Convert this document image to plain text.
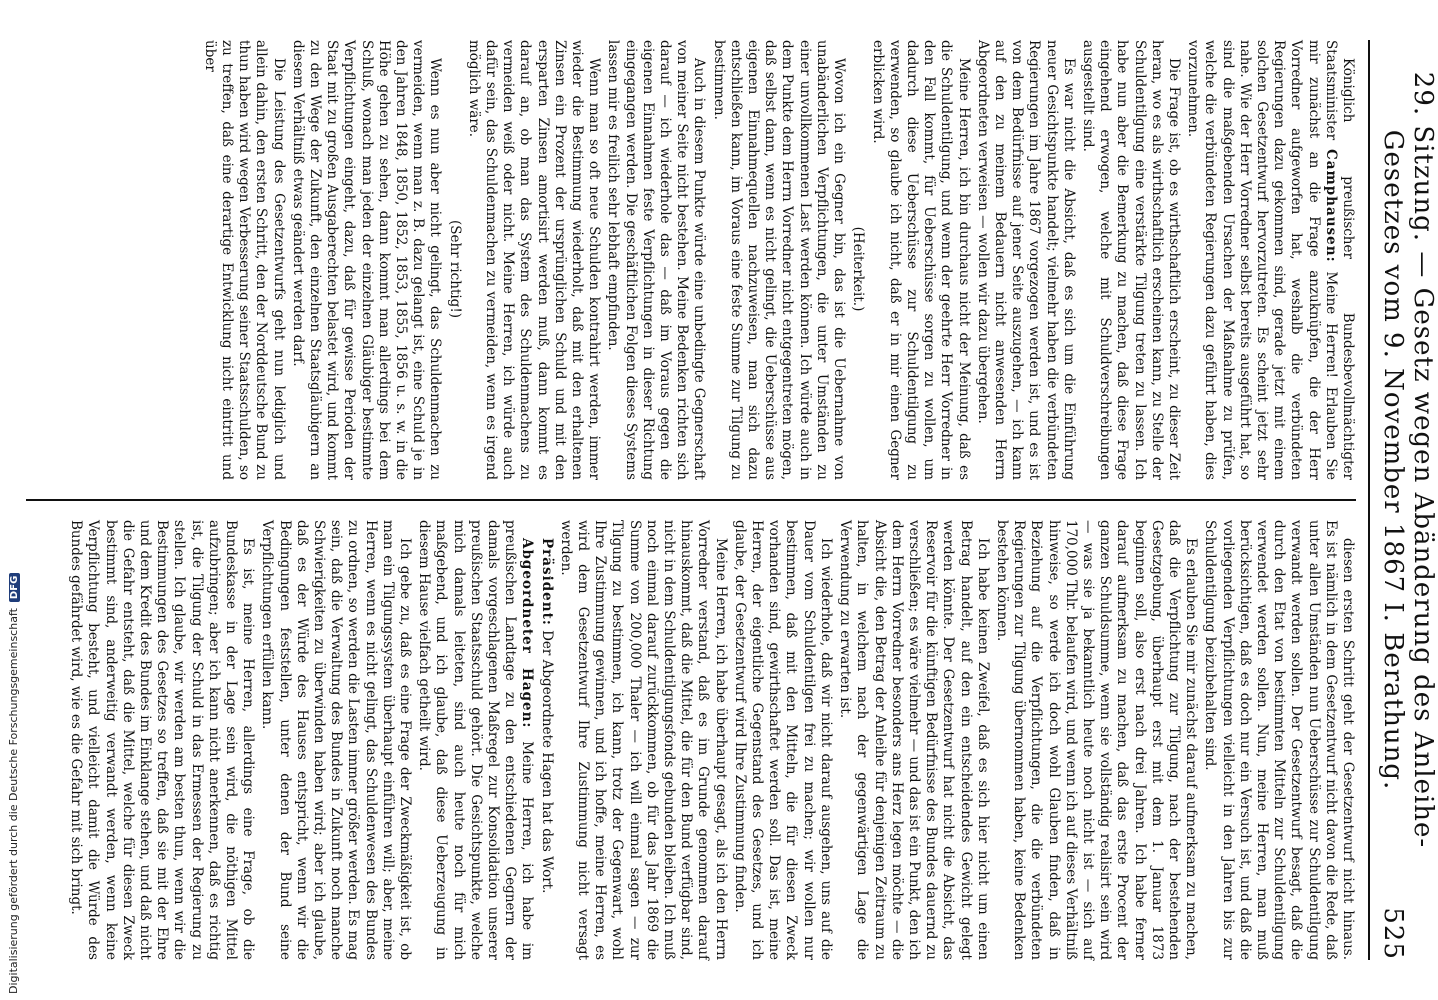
29. Sitzung. — Gesetz wegen Abänderung des Anleihe-Gesetzes vom 9. November 1867 I. Berathung.
525

Königlich preußischer Bundesbevollmächtigter Staatsminister Camphausen: Meine Herren! Erlauben Sie mir zunächst an die Frage anzuknüpfen, die der Herr Vorredner aufgeworfen hat, weshalb die verbündeten Regierungen dazu gekommen sind, gerade jetzt mit einem solchen Gesetzentwurf hervorzutreten. Es scheint jetzt sehr nahe. Wie der Herr Vorredner selbst bereits ausgeführt hat, so sind die maßgebenden Ursachen der Maßnahme zu prüfen, welche die verbündeten Regierungen dazu geführt haben, dies vorzunehmen.

Die Frage ist, ob es wirthschaftlich erscheint, zu dieser Zeit heran, wo es als wirthschaftlich erscheinen kann, zu Stelle der Schuldentilgung eine verstärkte Tilgung treten zu lassen. Ich habe nun aber die Bemerkung zu machen, daß diese Frage eingehend erwogen, welche mit Schuldverschreibungen ausgestellt sind.

Es war nicht die Absicht, daß es sich um die Einführung neuer Gesichtspunkte handelt; vielmehr haben die verbündeten Regierungen im Jahre 1867 vorgezogen werden ist, und es ist von dem Bedürfnisse auf jener Seite auszugehen, — ich kann auf den zu meinem Bedauern nicht anwesenden Herrn Abgeordneten verweisen — wollen wir dazu übergehen.

Meine Herren, ich bin durchaus nicht der Meinung, daß es die Schuldentilgung, und wenn der geehrte Herr Vorredner in den Fall kommt, für Ueberschüsse sorgen zu wollen, um dadurch diese Ueberschüsse zur Schuldentilgung zu verwenden, so glaube ich nicht, daß er in mir einen Gegner erblicken wird.

(Heiterkeit.)

Wovon ich ein Gegner bin, das ist die Uebernahme von unabänderlichen Verpflichtungen, die unter Umständen zu einer unvollkommenen Last werden können. Ich würde auch in dem Punkte dem Herrn Vorredner nicht entgegentreten mögen, daß selbst dann, wenn es nicht gelingt, die Ueberschüsse aus eigenen Einnahmequellen nachzuweisen, man sich dazu entschließen kann, im Voraus eine feste Summe zur Tilgung zu bestimmen.

Auch in diesem Punkte würde eine unbedingte Gegnerschaft von meiner Seite nicht bestehen. Meine Bedenken richten sich darauf — ich wiederhole das — daß im Voraus gegen die eigenen Einnahmen feste Verpflichtungen in dieser Richtung eingegangen werden. Die geschäftlichen Folgen dieses Systems lassen mir es freilich sehr lebhaft empfinden.

Wenn man so oft neue Schulden kontrahirt werden, immer wieder die Bestimmung wiederholt, daß mit den erhaltenen Zinsen ein Prozent der ursprünglichen Schuld und mit den ersparten Zinsen amortisirt werden muß, dann kommt es darauf an, ob man das System des Schuldenmachens zu vermeiden weiß oder nicht. Meine Herren, ich würde auch dafür sein, das Schuldenmachen zu vermeiden, wenn es irgend möglich wäre.

(Sehr richtig!)

Wenn es nun aber nicht gelingt, das Schuldenmachen zu vermeiden, wenn man z. B. dazu gelangt ist, eine Schuld je in den Jahren 1848, 1850, 1852, 1853, 1855, 1856 u. s. w. in die Höhe gehen zu sehen, dann kommt man allerdings bei dem Schluß, wonach man jeden der einzelnen Gläubiger bestimmte Verpflichtungen eingeht, dazu, daß für gewisse Perioden der Staat mit zu großen Ausgaberechten belastet wird, und kommt zu den Wege der Zukunft, den einzelnen Staatsgläubigern an diesem Verhältniß etwas geändert werden darf.

Die Leistung des Gesetzentwurfs geht nun lediglich und allein dahin, den ersten Schritt, den der Norddeutsche Bund zu thun haben wird wegen Verbesserung seiner Staatsschulden, so zu treffen, daß eine derartige Entwicklung nicht eintritt und über

diesen ersten Schritt geht der Gesetzentwurf nicht hinaus. Es ist nämlich in dem Gesetzentwurf nicht davon die Rede, daß unter allen Umständen nun Ueberschüsse zur Schuldentilgung verwandt werden sollen. Der Gesetzentwurf besagt, daß die durch den Etat von bestimmten Mitteln zur Schuldentilgung verwendet werden sollen. Nun, meine Herren, man muß berücksichtigen, daß es doch nur ein Versuch ist, und daß die vorliegenden Verpflichtungen vielleicht in den Jahren bis zur Schuldentilgung beizubehalten sind.

Es erlauben Sie mir zunächst darauf aufmerksam zu machen, daß die Verpflichtung zur Tilgung, nach der bestehenden Gesetzgebung, überhaupt erst mit dem 1. Januar 1873 beginnen soll, also erst nach drei Jahren. Ich habe ferner darauf aufmerksam zu machen, daß das erste Procent der ganzen Schuldsumme, wenn sie vollständig realisirt sein wird — was sie ja bekanntlich heute noch nicht ist — sich auf 170,000 Thlr. belaufen wird, und wenn ich auf dieses Verhältniß hinweise, so werde ich doch wohl Glauben finden, daß in Beziehung auf die Verpflichtungen, die die verbündeten Regierungen zur Tilgung übernommen haben, keine Bedenken bestehen können.

Ich habe keinen Zweifel, daß es sich hier nicht um einen Betrag handelt, auf den ein entscheidendes Gewicht gelegt werden könnte. Der Gesetzentwurf hat nicht die Absicht, das Reservoir für die künftigen Bedürfnisse des Bundes dauernd zu verschließen; es wäre vielmehr — und das ist ein Punkt, den ich dem Herrn Vorredner besonders ans Herz legen möchte — die Absicht die, den Betrag der Anleihe für denjenigen Zeitraum zu halten, in welchem nach der gegenwärtigen Lage die Verwendung zu erwarten ist.

Ich wiederhole, daß wir nicht darauf ausgehen, uns auf die Dauer vom Schuldentilgen frei zu machen; wir wollen nur bestimmen, daß mit den Mitteln, die für diesen Zweck vorhanden sind, gewirthschaftet werden soll. Das ist, meine Herren, der eigentliche Gegenstand des Gesetzes, und ich glaube, der Gesetzentwurf wird Ihre Zustimmung finden.

Meine Herren, ich habe überhaupt gesagt, als ich den Herrn Vorredner verstand, daß es im Grunde genommen darauf hinauskommt, daß die Mittel, die für den Bund verfügbar sind, nicht in dem Schuldentilgungsfonds gebunden bleiben. Ich muß noch einmal darauf zurückkommen, ob für das Jahr 1869 die Summe von 200,000 Thaler — ich will einmal sagen — zur Tilgung zu bestimmen, ich kann, trotz der Gegenwart, wohl Ihre Zustimmung gewinnen, und ich hoffe, meine Herren, es wird dem Gesetzentwurf Ihre Zustimmung nicht versagt werden.

Präsident: Der Abgeordnete Hagen hat das Wort.

Abgeordneter Hagen: Meine Herren, ich habe im preußischen Landtage zu den entschiedenen Gegnern der damals vorgeschlagenen Maßregel zur Konsolidation unserer preußischen Staatsschuld gehört. Die Gesichtspunkte, welche mich damals leiteten, sind auch heute noch für mich maßgebend, und ich glaube, daß diese Ueberzeugung in diesem Hause vielfach getheilt wird.

Ich gebe zu, daß es eine Frage der Zweckmäßigkeit ist, ob man ein Tilgungssystem überhaupt einführen will; aber, meine Herren, wenn es nicht gelingt, das Schuldenwesen des Bundes zu ordnen, so werden die Lasten immer größer werden. Es mag sein, daß die Verwaltung des Bundes in Zukunft noch manche Schwierigkeiten zu überwinden haben wird; aber ich glaube, daß es der Würde des Hauses entspricht, wenn wir die Bedingungen feststellen, unter denen der Bund seine Verpflichtungen erfüllen kann.

Es ist, meine Herren, allerdings eine Frage, ob die Bundeskasse in der Lage sein wird, die nöthigen Mittel aufzubringen; aber ich kann nicht anerkennen, daß es richtig ist, die Tilgung der Schuld in das Ermessen der Regierung zu stellen. Ich glaube, wir werden am besten thun, wenn wir die Bestimmungen des Gesetzes so treffen, daß sie mit der Ehre und dem Kredit des Bundes im Einklange stehen, und daß nicht die Gefahr entsteht, daß die Mittel, welche für diesen Zweck bestimmt sind, anderweitig verwandt werden, wenn keine Verpflichtung besteht, und vielleicht damit die Würde des Bundes gefährdet wird, wie es die Gefahr mit sich bringt.

Digitalisierung gefördert durch die Deutsche ForschungsgemeinschaftDFG
